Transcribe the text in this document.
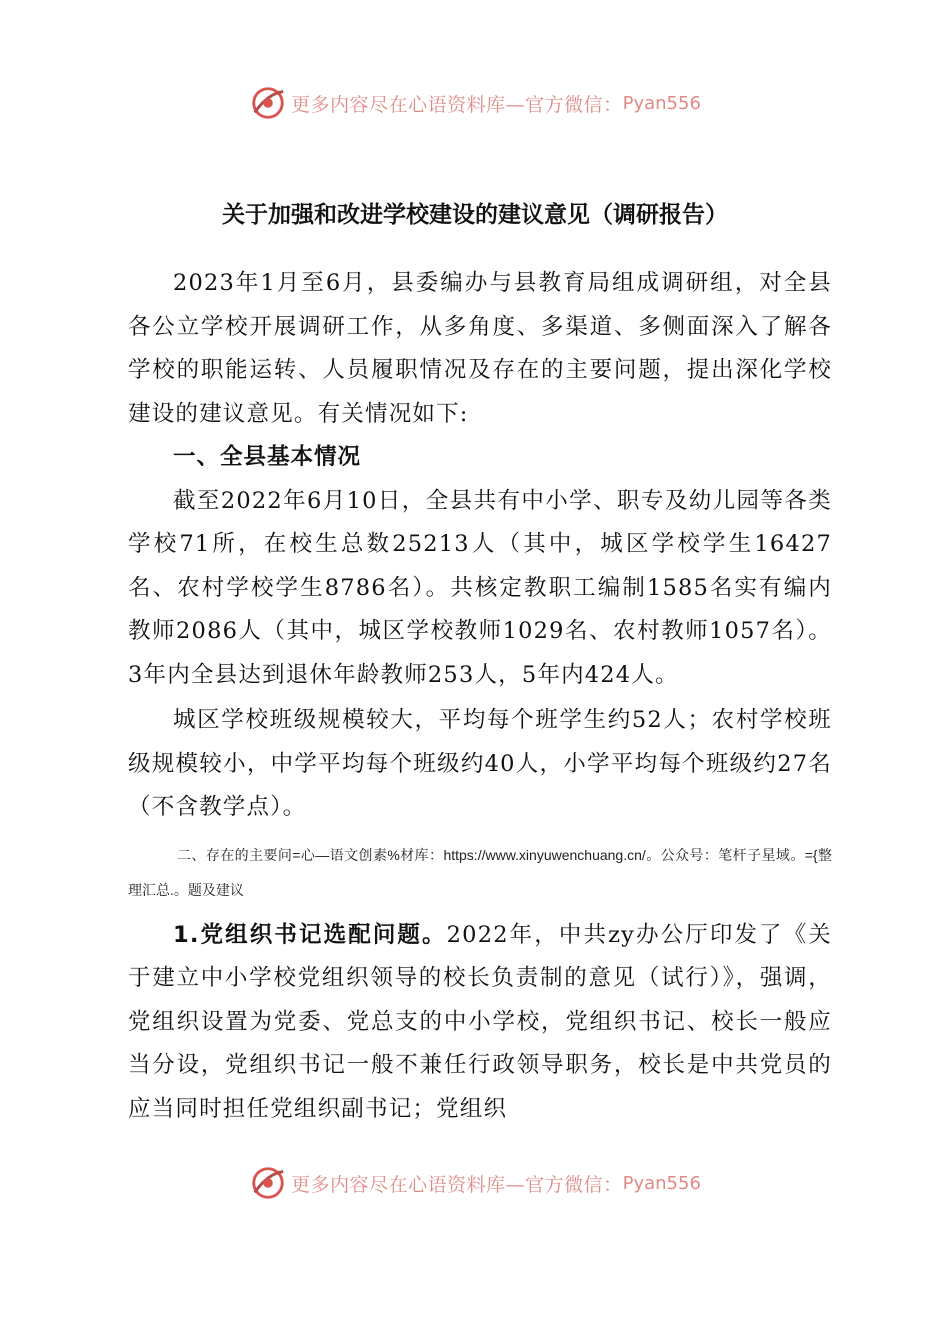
更多内容尽在心语资料库—官方微信： Pyan556
关于加强和改进学校建设的建议意见（调研报告）

2023年1月至6月，县委编办与县教育局组成调研组，对全县各公立学校开展调研工作，从多角度、多渠道、多侧面深入了解各学校的职能运转、人员履职情况及存在的主要问题，提出深化学校建设的建议意见。有关情况如下:

一、全县基本情况

截至2022年6月10日，全县共有中小学、职专及幼儿园等各类学校71所，在校生总数25213人（其中，城区学校学生16427名、农村学校学生8786名）。共核定教职工编制1585名实有编内教师2086人（其中，城区学校教师1029名、农村教师1057名）。3年内全县达到退休年龄教师253人，5年内424人。

城区学校班级规模较大，平均每个班学生约52人；农村学校班级规模较小，中学平均每个班级约40人，小学平均每个班级约27名（不含教学点）。

二、存在的主要问=心—语文创素%材库：https://www.xinyuwenchuang.cn/。公众号：笔杆子星域。={整理汇总.。题及建议

1.党组织书记选配问题。2022年，中共zy办公厅印发了《关于建立中小学校党组织领导的校长负责制的意见（试行）》，强调，党组织设置为党委、党总支的中小学校，党组织书记、校长一般应当分设，党组织书记一般不兼任行政领导职务，校长是中共党员的应当同时担任党组织副书记；党组织

更多内容尽在心语资料库—官方微信： Pyan556
